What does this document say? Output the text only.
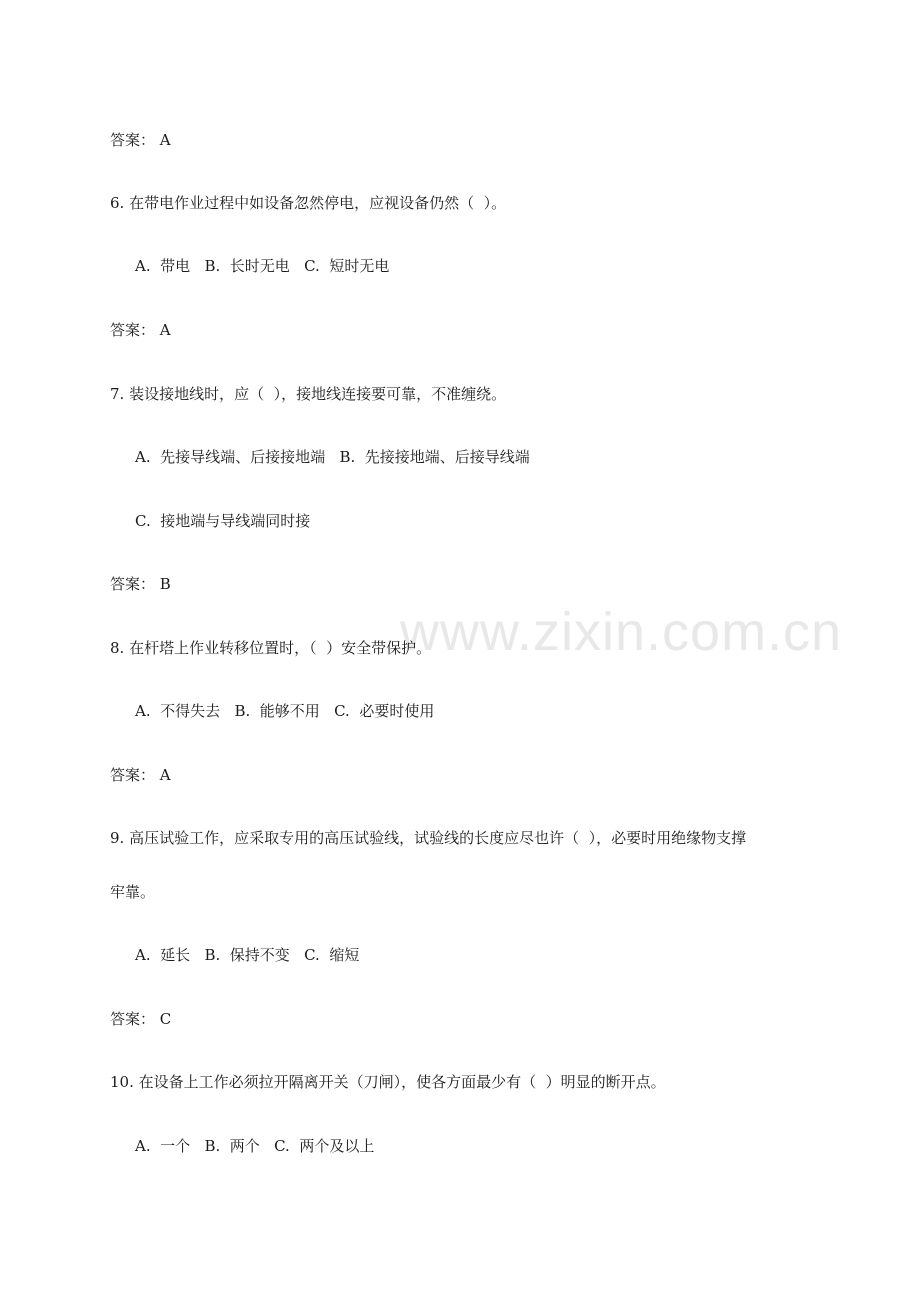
www.zixin.com.cn
答案： A
6. 在带电作业过程中如设备忽然停电，应视设备仍然（  ）。
A.  带电   B.  长时无电   C.  短时无电
答案： A
7. 装设接地线时，应（  ），接地线连接要可靠，不准缠绕。
A.  先接导线端、后接接地端   B.  先接接地端、后接导线端
C.  接地端与导线端同时接
答案： B
8. 在杆塔上作业转移位置时，（  ）安全带保护。
A.  不得失去   B.  能够不用   C.  必要时使用
答案： A
9. 高压试验工作，应采取专用的高压试验线，试验线的长度应尽也许（  ），必要时用绝缘物支撑
牢靠。
A.  延长   B.  保持不变   C.  缩短
答案： C
10. 在设备上工作必须拉开隔离开关（刀闸），使各方面最少有（  ）明显的断开点。
A.  一个   B.  两个   C.  两个及以上
